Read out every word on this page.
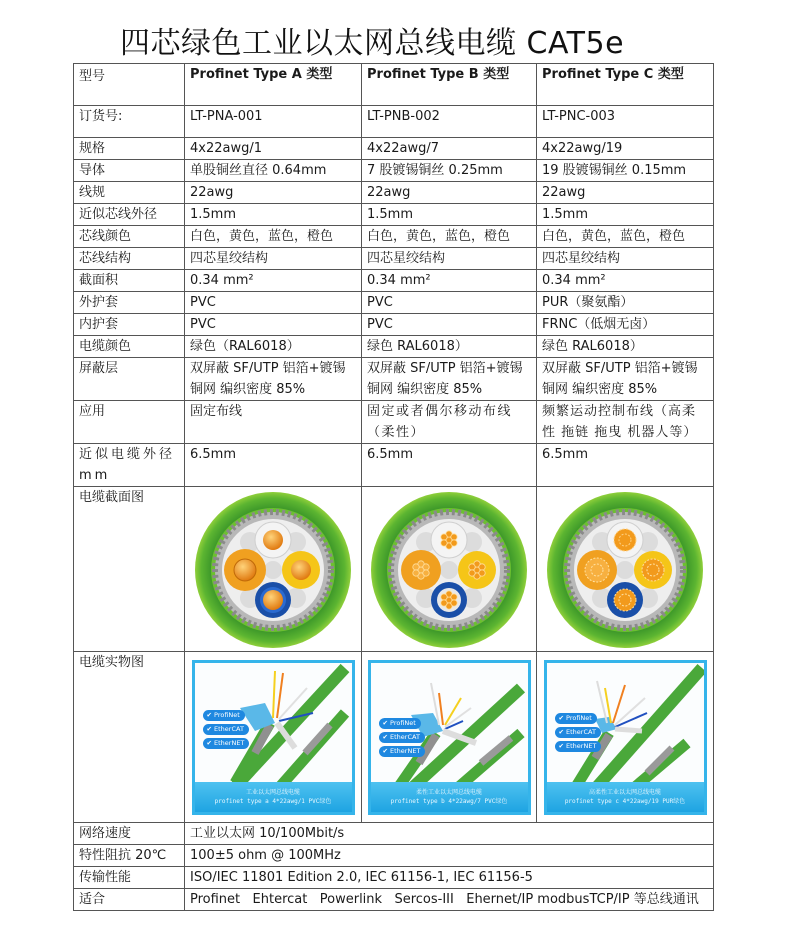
四芯绿色工业以太网总线电缆 CAT5e
型号	Profinet Type A 类型	Profinet Type B 类型	Profinet Type C 类型
订货号:	LT-PNA-001	LT-PNB-002	LT-PNC-003
规格	4x22awg/1	4x22awg/7	4x22awg/19
导体	单股铜丝直径 0.64mm	7 股镀锡铜丝 0.25mm	19 股镀锡铜丝 0.15mm
线规	22awg	22awg	22awg
近似芯线外径	1.5mm	1.5mm	1.5mm
芯线颜色	白色，黄色，蓝色，橙色	白色，黄色，蓝色，橙色	白色，黄色，蓝色，橙色
芯线结构	四芯星绞结构	四芯星绞结构	四芯星绞结构
截面积	0.34 mm²	0.34 mm²	0.34 mm²
外护套	PVC	PVC	PUR（聚氨酯）
内护套	PVC	PVC	FRNC（低烟无卤）
电缆颜色	绿色（RAL6018）	绿色 RAL6018）	绿色 RAL6018）
屏蔽层	双屏蔽 SF/UTP 铝箔+镀锡铜网 编织密度 85%	双屏蔽 SF/UTP 铝箔+镀锡铜网 编织密度 85%	双屏蔽 SF/UTP 铝箔+镀锡铜网 编织密度 85%
应用	固定布线	固定或者偶尔移动布线（柔性）	频繁运动控制布线（高柔性 拖链 拖曳 机器人等）
近似电缆外径 mm	6.5mm	6.5mm	6.5mm
电缆截面图	

电缆实物图	
✔ ProfiNet
✔ EtherCAT
✔ EtherNET
工业以太网总线电缆
profinet type a 4*22awg/1 PVC绿色

✔ ProfiNet
✔ EtherCAT
✔ EtherNET
柔性工业以太网总线电缆
profinet type b 4*22awg/7 PVC绿色

✔ ProfiNet
✔ EtherCAT
✔ EtherNET
高柔性工业以太网总线电缆
profinet type c 4*22awg/19 PUR绿色

网络速度	工业以太网 10/100Mbit/s		
特性阻抗 20℃	100±5 ohm @ 100MHz		
传输性能	ISO/IEC 11801 Edition 2.0, IEC 61156-1, IEC 61156-5		
适合	Profinet   Ehtercat   Powerlink   Sercos-III   Ehernet/IP modbusTCP/IP 等总线通讯		
